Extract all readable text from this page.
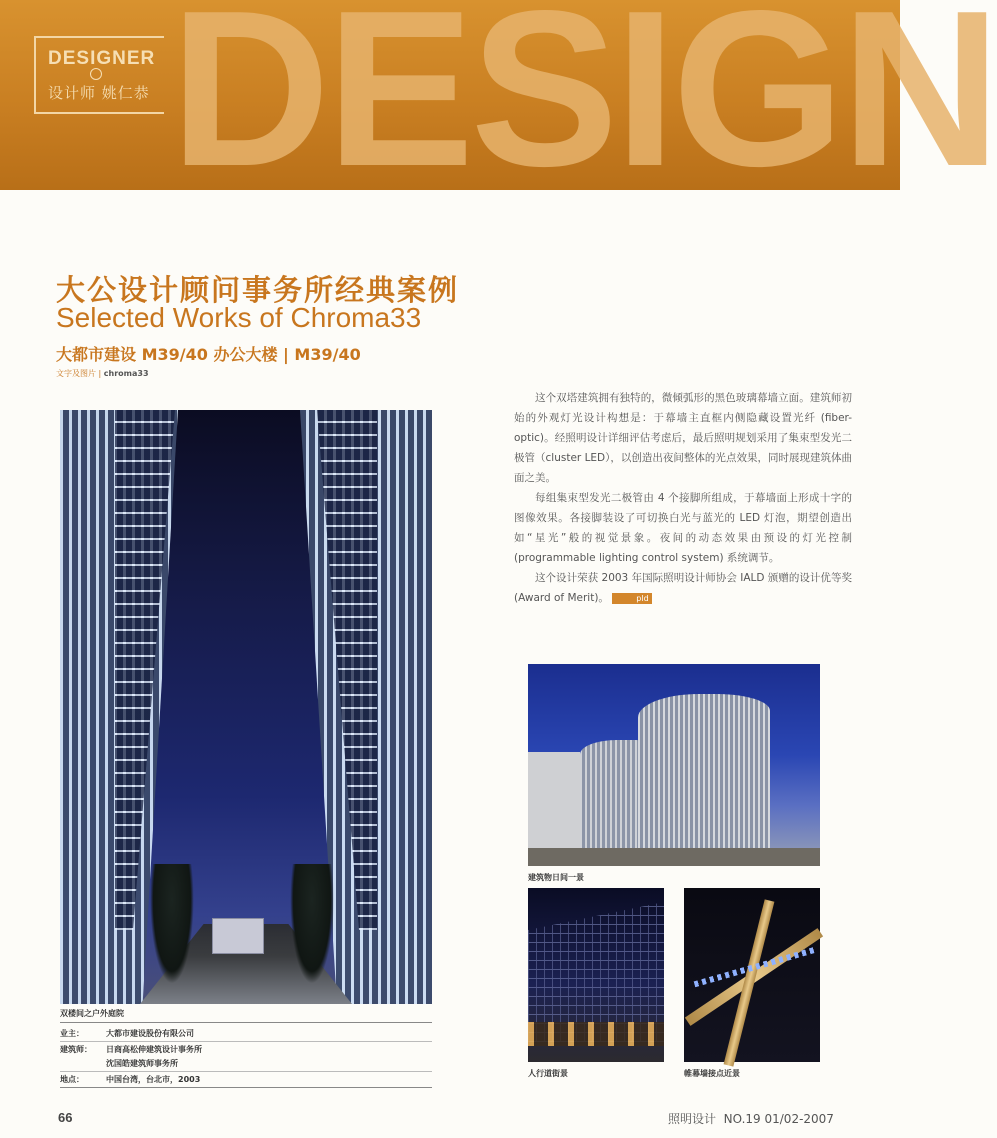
DESIGN
DESIGNER
设计师 姚仁恭
大公设计顾问事务所经典案例
Selected Works of Chroma33
大都市建设 M39/40 办公大楼 | M39/40
文字及图片 | chroma33

这个双塔建筑拥有独特的，微倾弧形的黑色玻璃幕墙立面。建筑师初始的外观灯光设计构想是：于幕墙主直框内侧隐藏设置光纤 (fiber-optic)。经照明设计详细评估考虑后，最后照明规划采用了集束型发光二极管（cluster LED），以创造出夜间整体的光点效果，同时展现建筑体曲面之美。

每组集束型发光二极管由 4 个接脚所组成，于幕墙面上形成十字的图像效果。各接脚装设了可切换白光与蓝光的 LED 灯泡，期望创造出如“星光”般的视觉景象。夜间的动态效果由预设的灯光控制 (programmable lighting control system) 系统调节。

这个设计荣获 2003 年国际照明设计师协会 IALD 颁赠的设计优等奖 (Award of Merit)。	pld

双楼间之户外庭院
业主：	大都市建设股份有限公司
建筑师：	日商高松伸建筑设计事务所
沈国皓建筑师事务所
地点：	中国台湾，台北市，2003
建筑物日间一景
人行道街景	帷幕墙接点近景
66	照明设计 NO.19 01/02-2007
